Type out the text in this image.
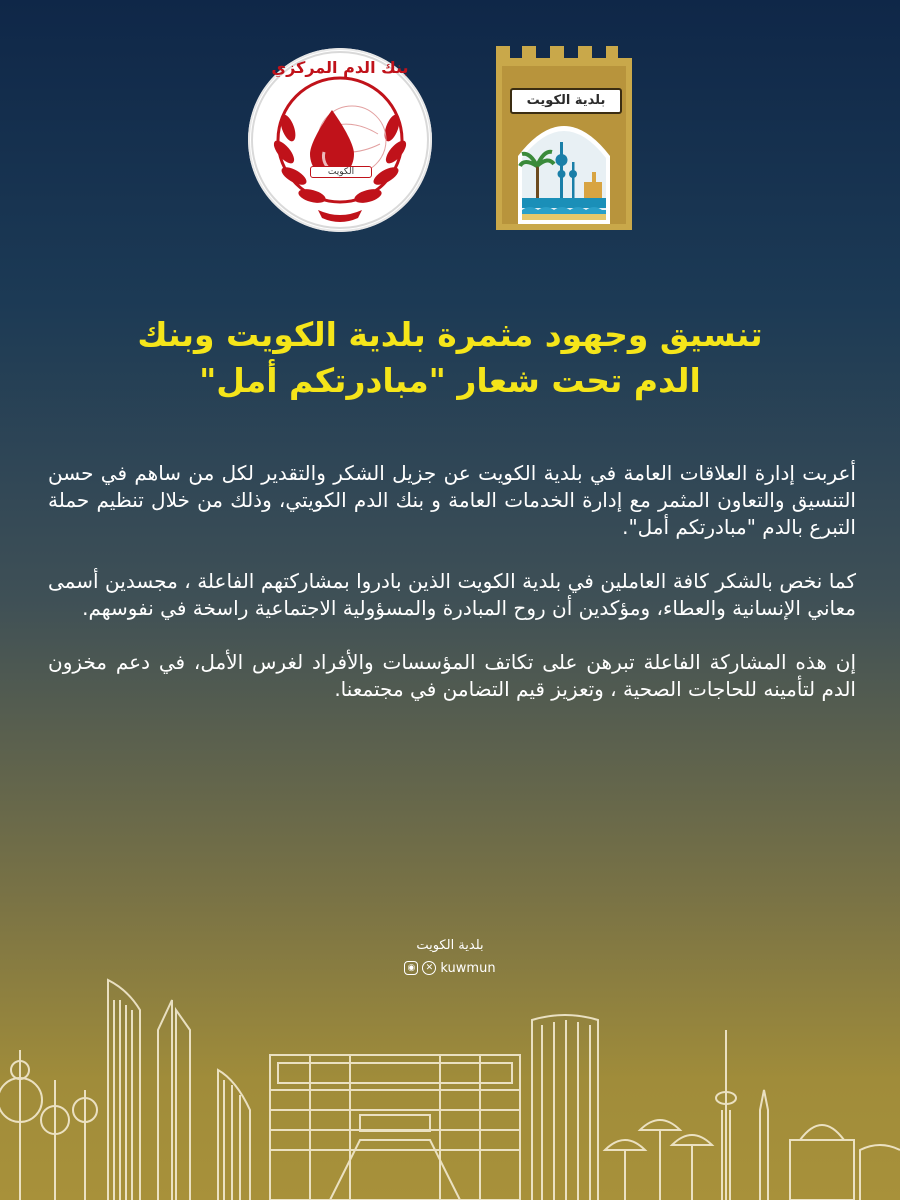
بنك الدم المركزي
الكويت
بلدية الكويت
تنسيق وجهود مثمرة بلدية الكويت وبنك
الدم تحت شعار "مبادرتكم أمل"

أعربت إدارة العلاقات العامة في بلدية الكويت عن جزيل الشكر والتقدير لكل من ساهم في حسن التنسيق والتعاون المثمر مع إدارة الخدمات العامة و بنك الدم الكويتي، وذلك من خلال تنظيم حملة التبرع بالدم "مبادرتكم أمل".

كما نخص بالشكر كافة العاملين في بلدية الكويت الذين بادروا بمشاركتهم الفاعلة ، مجسدين أسمى معاني الإنسانية والعطاء، ومؤكدين أن روح المبادرة والمسؤولية الاجتماعية راسخة في نفوسهم.

إن هذه المشاركة الفاعلة تبرهن على تكاتف المؤسسات والأفراد لغرس الأمل، في دعم مخزون الدم لتأمينه للحاجات الصحية ، وتعزيز قيم التضامن في مجتمعنا.

بلدية الكويت
◉	✕ kuwmun
